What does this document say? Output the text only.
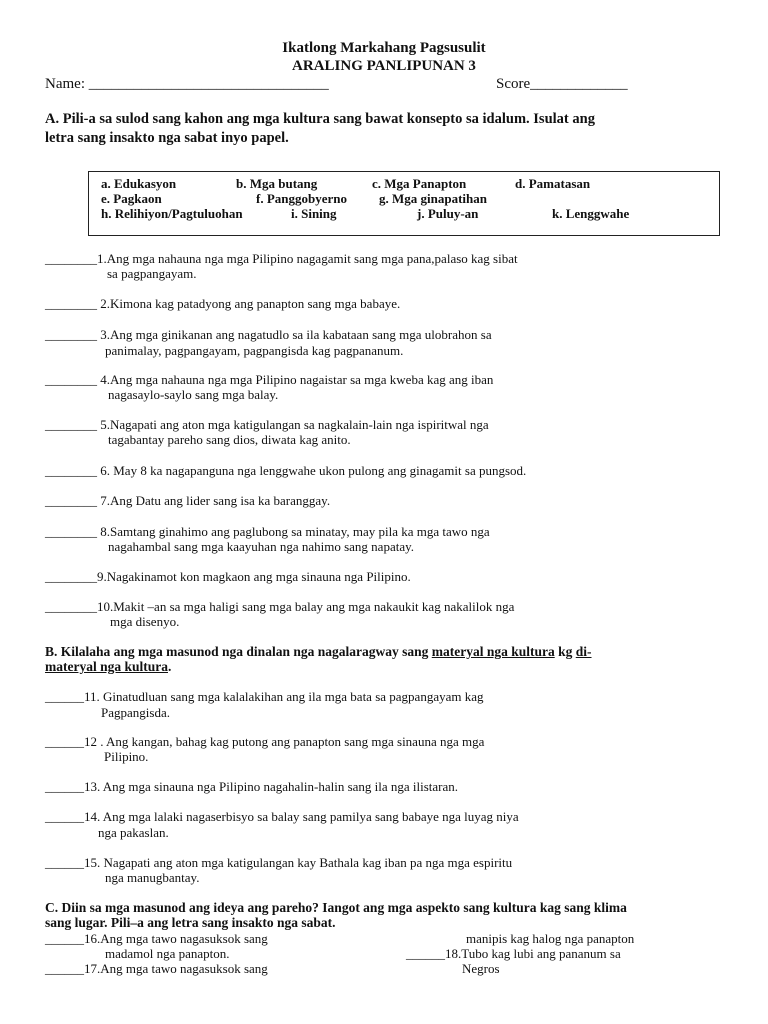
Ikatlong Markahang Pagsusulit
ARALING PANLIPUNAN 3
Name: ________________________________	Score_____________
A. Pili-a sa sulod sang kahon ang mga kultura sang bawat konsepto sa idalum. Isulat ang
letra sang insakto nga sabat inyo papel.
a. Edukasyon	b. Mga butang	c. Mga Panapton	d. Pamatasan
e. Pagkaon	f. Panggobyerno g. Mga ginapatihan
h. Relihiyon/Pagtuluohan	i. Sining	j. Puluy-an	k. Lenggwahe
________1.Ang mga nahauna nga mga Pilipino nagagamit sang mga pana,palaso kag sibat
sa pagpangayam.
________ 2.Kimona kag patadyong ang panapton sang mga babaye.
________ 3.Ang mga ginikanan ang nagatudlo sa ila kabataan sang mga ulobrahon sa
panimalay, pagpangayam, pagpangisda kag pagpananum.
________ 4.Ang mga nahauna nga mga Pilipino nagaistar sa mga kweba kag ang iban
nagasaylo-saylo sang mga balay.
________ 5.Nagapati ang aton mga katigulangan sa nagkalain-lain nga ispiritwal nga
tagabantay pareho sang dios, diwata kag anito.
________ 6. May 8 ka nagapanguna nga lenggwahe ukon pulong ang ginagamit sa pungsod.
________ 7.Ang Datu ang lider sang isa ka baranggay.
________ 8.Samtang ginahimo ang paglubong sa minatay, may pila ka mga tawo nga
nagahambal sang mga kaayuhan nga nahimo sang napatay.
________9.Nagakinamot kon magkaon ang mga sinauna nga Pilipino.
________10.Makit –an sa mga haligi sang mga balay ang mga nakaukit kag nakalilok nga
mga disenyo.
B. Kilalaha ang mga masunod nga dinalan nga nagalaragway sang materyal nga kultura kg di-
materyal nga kultura.
______11. Ginatudluan sang mga kalalakihan ang ila mga bata sa pagpangayam kag
Pagpangisda.
______12 . Ang kangan, bahag kag putong ang panapton sang mga sinauna nga mga
Pilipino.
______13. Ang mga sinauna nga Pilipino nagahalin-halin sang ila nga ilistaran.
______14. Ang mga lalaki nagaserbisyo sa balay sang pamilya sang babaye nga luyag niya
nga pakaslan.
______15. Nagapati ang aton mga katigulangan kay Bathala kag iban pa nga mga espiritu
nga manugbantay.
C. Diin sa mga masunod ang ideya ang pareho? Iangot ang mga aspekto sang kultura kag sang klima
sang lugar. Pili–a ang letra sang insakto nga sabat.
______16.Ang mga tawo nagasuksok sang
madamol nga panapton.
______17.Ang mga tawo nagasuksok sang
manipis kag halog nga panapton
______18.Tubo kag lubi ang pananum sa
Negros
